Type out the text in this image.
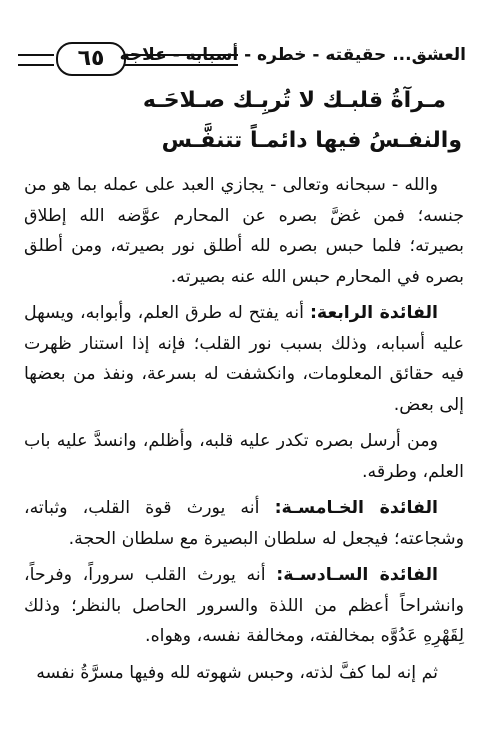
٦٥ العشق... حقيقته - خطره - أسبابه - علاجه
مـرآةُ قلبـك لا تُربِـك صـلاحَـه
والنفـسُ فيها دائمـاً تتنفَّـس

والله - سبحانه وتعالى - يجازي العبد على عمله بما هو من جنسه؛ فمن غضَّ بصره عن المحارم عوَّضه الله إطلاق بصيرته؛ فلما حبس بصره لله أطلق نور بصيرته، ومن أطلق بصره في المحارم حبس الله عنه بصيرته.

الفائدة الرابعة: أنه يفتح له طرق العلم، وأبوابه، ويسهل عليه أسبابه، وذلك بسبب نور القلب؛ فإنه إذا استنار ظهرت فيه حقائق المعلومات، وانكشفت له بسرعة، ونفذ من بعضها إلى بعض.

ومن أرسل بصره تكدر عليه قلبه، وأظلم، وانسدَّ عليه باب العلم، وطرقه.

الفائدة الخـامسـة: أنه يورث قوة القلب، وثباته، وشجاعته؛ فيجعل له سلطان البصيرة مع سلطان الحجة.

الفائدة السـادسـة: أنه يورث القلب سروراً، وفرحاً، وانشراحاً أعظم من اللذة والسرور الحاصل بالنظر؛ وذلك لِقَهْرِهِ عَدُوَّه بمخالفته، ومخالفة نفسه، وهواه.

ثم إنه لما كفَّ لذته، وحبس شهوته لله وفيها مسرَّةُ نفسه
